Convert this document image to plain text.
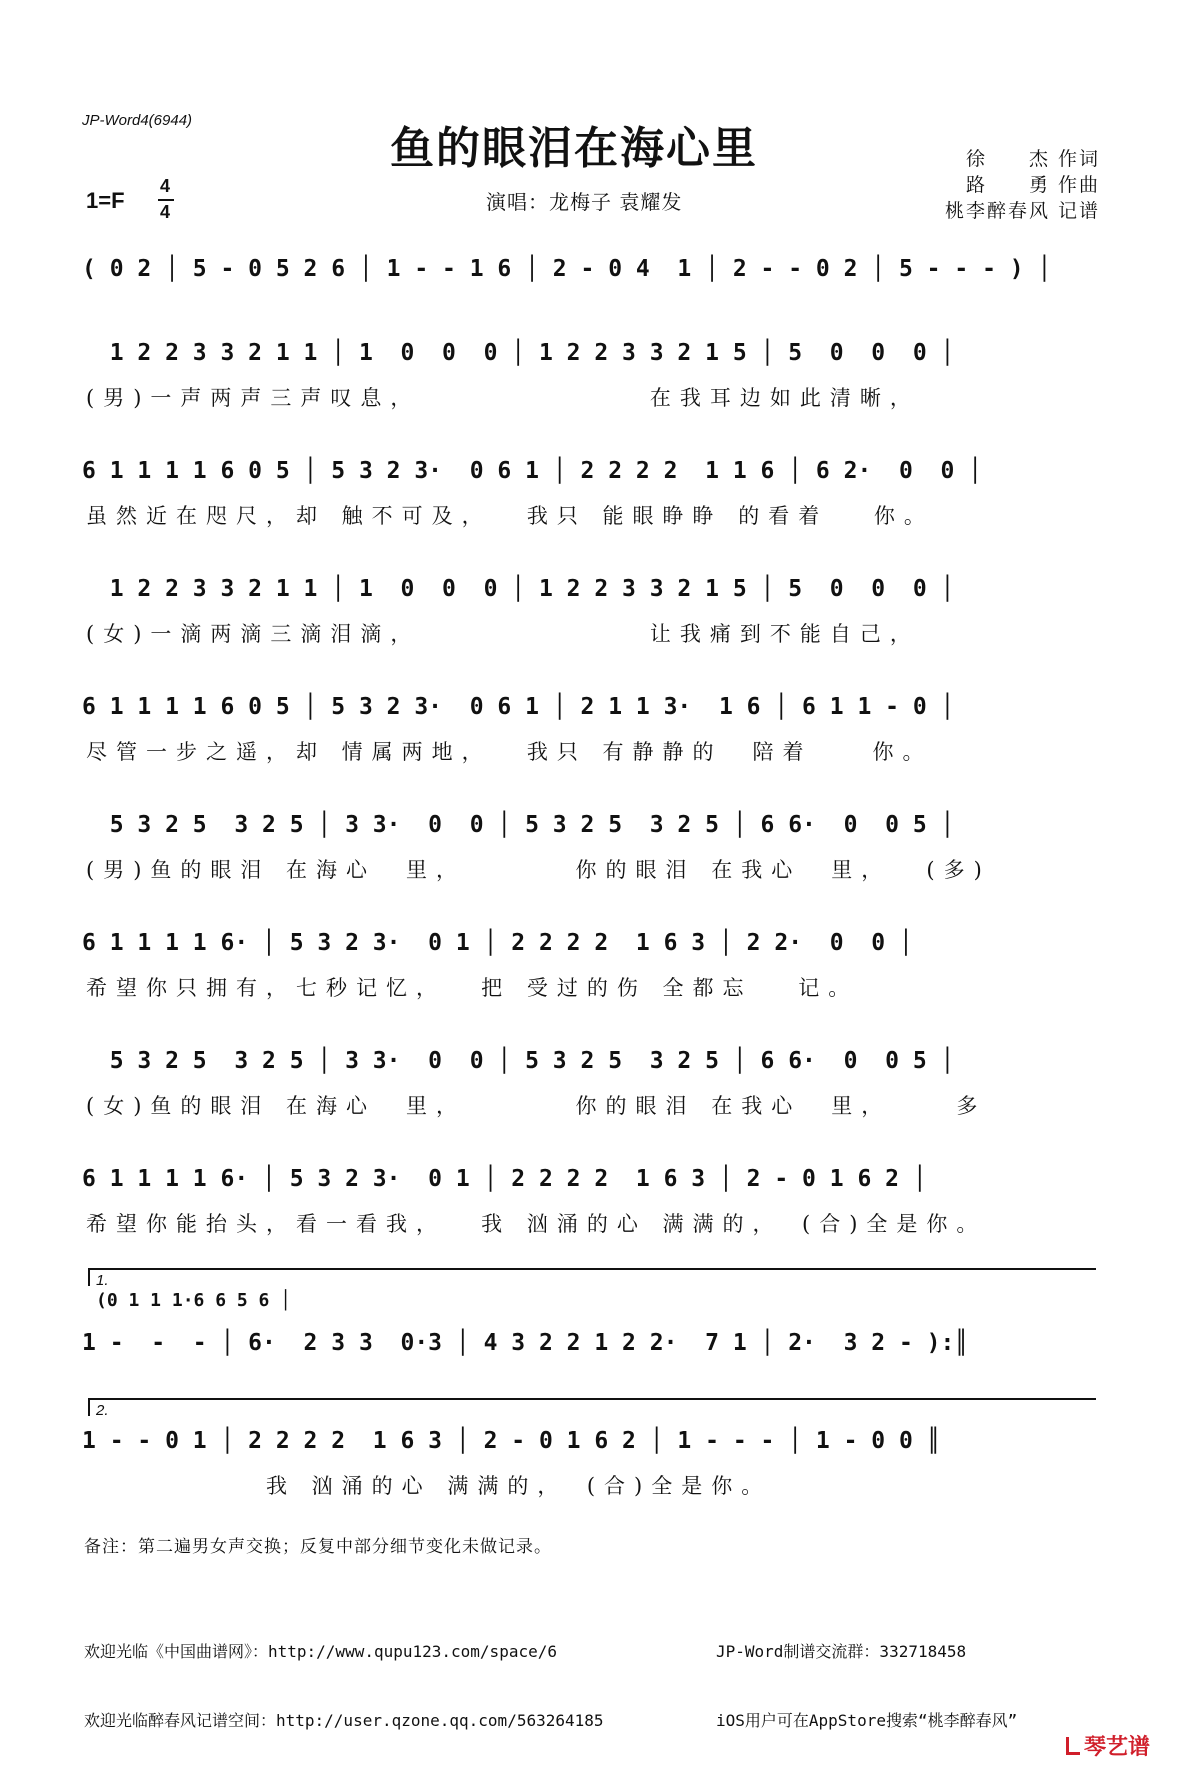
JP-Word4(6944)
鱼的眼泪在海心里
1=F
4
4	演唱：龙梅子 袁耀发
徐　　杰 作词
路　　勇 作曲
桃李醉春风 记谱
( 0 2 │ 5 - 0 5 2 6 │ 1 - - 1 6 │ 2 - 0 4  1 │ 2 - - 0 2 │ 5 - - - ) │
1 2 2 3 3 2 1 1 │ 1  0  0  0 │ 1 2 2 3 3 2 1 5 │ 5  0  0  0 │
(男)一声两声三声叹息，　　　　　　　　在我耳边如此清晰，
6 1 1 1 1 6 0 5 │ 5 3 2 3·  0 6 1 │ 2 2 2 2  1 1 6 │ 6 2·  0  0 │
虽然近在咫尺，却 触不可及，　 我只 能眼睁睁 的看着　 你。
1 2 2 3 3 2 1 1 │ 1  0  0  0 │ 1 2 2 3 3 2 1 5 │ 5  0  0  0 │
(女)一滴两滴三滴泪滴，　　　　　　　　让我痛到不能自己，
6 1 1 1 1 6 0 5 │ 5 3 2 3·  0 6 1 │ 2 1 1 3·  1 6 │ 6 1 1 - 0 │
尽管一步之遥，却 情属两地，　 我只 有静静的　陪着　　你。
5 3 2 5  3 2 5 │ 3 3·  0  0 │ 5 3 2 5  3 2 5 │ 6 6·  0  0 5 │
(男)鱼的眼泪 在海心　里，　　　　你的眼泪 在我心　里，　 (多)
6 1 1 1 1 6· │ 5 3 2 3·  0 1 │ 2 2 2 2  1 6 3 │ 2 2·  0  0 │
希望你只拥有，七秒记忆，　 把 受过的伤 全都忘　 记。
5 3 2 5  3 2 5 │ 3 3·  0  0 │ 5 3 2 5  3 2 5 │ 6 6·  0  0 5 │
(女)鱼的眼泪 在海心　里，　　　　你的眼泪 在我心　里，　　 多
6 1 1 1 1 6· │ 5 3 2 3·  0 1 │ 2 2 2 2  1 6 3 │ 2 - 0 1 6 2 │
希望你能抬头，看一看我，　 我 汹涌的心 满满的，　(合)全是你。
1.
(0 1 1 1·6 6 5 6 │
1 -  -  - │ 6·  2 3 3  0·3 │ 4 3 2 2 1 2 2·  7 1 │ 2·  3 2 - ):║
2.
1 - - 0 1 │ 2 2 2 2  1 6 3 │ 2 - 0 1 6 2 │ 1 - - - │ 1 - 0 0 ║
　　　　　　我 汹涌的心 满满的，　(合)全是你。
备注：第二遍男女声交换；反复中部分细节变化未做记录。

欢迎光临《中国曲谱网》：http://www.qupu123.com/space/6

欢迎光临醉春风记谱空间：http://user.qzone.qq.com/563264185

JP-Word制谱交流群：332718458

iOS用户可在AppStore搜索“桃李醉春风”

琴艺谱
